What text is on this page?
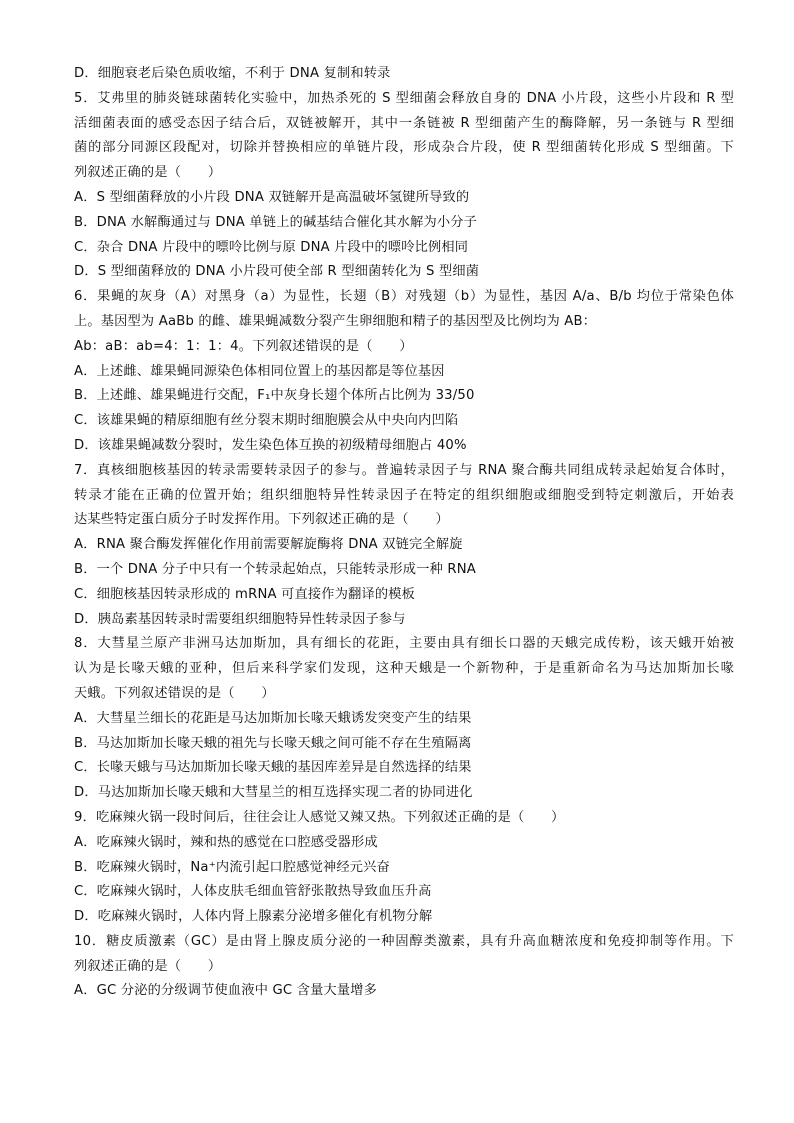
D．细胞衰老后染色质收缩，不利于 DNA 复制和转录
5．艾弗里的肺炎链球菌转化实验中，加热杀死的 S 型细菌会释放自身的 DNA 小片段，这些小片段和 R 型
活细菌表面的感受态因子结合后，双链被解开，其中一条链被 R 型细菌产生的酶降解，另一条链与 R 型细
菌的部分同源区段配对，切除并替换相应的单链片段，形成杂合片段，使 R 型细菌转化形成 S 型细菌。下
列叙述正确的是（　　）
A．S 型细菌释放的小片段 DNA 双链解开是高温破坏氢键所导致的
B．DNA 水解酶通过与 DNA 单链上的碱基结合催化其水解为小分子
C．杂合 DNA 片段中的嘌呤比例与原 DNA 片段中的嘌呤比例相同
D．S 型细菌释放的 DNA 小片段可使全部 R 型细菌转化为 S 型细菌
6．果蝇的灰身（A）对黑身（a）为显性，长翅（B）对残翅（b）为显性，基因 A/a、B/b 均位于常染色体
上。基因型为 AaBb 的雌、雄果蝇减数分裂产生卵细胞和精子的基因型及比例均为 AB：
Ab：aB：ab=4：1：1：4。下列叙述错误的是（　　）
A．上述雌、雄果蝇同源染色体相同位置上的基因都是等位基因
B．上述雌、雄果蝇进行交配，F₁中灰身长翅个体所占比例为 33/50
C．该雄果蝇的精原细胞有丝分裂末期时细胞膜会从中央向内凹陷
D．该雄果蝇减数分裂时，发生染色体互换的初级精母细胞占 40%
7．真核细胞核基因的转录需要转录因子的参与。普遍转录因子与 RNA 聚合酶共同组成转录起始复合体时，
转录才能在正确的位置开始；组织细胞特异性转录因子在特定的组织细胞或细胞受到特定刺激后，开始表
达某些特定蛋白质分子时发挥作用。下列叙述正确的是（　　）
A．RNA 聚合酶发挥催化作用前需要解旋酶将 DNA 双链完全解旋
B．一个 DNA 分子中只有一个转录起始点，只能转录形成一种 RNA
C．细胞核基因转录形成的 mRNA 可直接作为翻译的模板
D．胰岛素基因转录时需要组织细胞特异性转录因子参与
8．大彗星兰原产非洲马达加斯加，具有细长的花距，主要由具有细长口器的天蛾完成传粉，该天蛾开始被
认为是长喙天蛾的亚种，但后来科学家们发现，这种天蛾是一个新物种，于是重新命名为马达加斯加长喙
天蛾。下列叙述错误的是（　　）
A．大彗星兰细长的花距是马达加斯加长喙天蛾诱发突变产生的结果
B．马达加斯加长喙天蛾的祖先与长喙天蛾之间可能不存在生殖隔离
C．长喙天蛾与马达加斯加长喙天蛾的基因库差异是自然选择的结果
D．马达加斯加长喙天蛾和大彗星兰的相互选择实现二者的协同进化
9．吃麻辣火锅一段时间后，往往会让人感觉又辣又热。下列叙述正确的是（　　）
A．吃麻辣火锅时，辣和热的感觉在口腔感受器形成
B．吃麻辣火锅时，Na⁺内流引起口腔感觉神经元兴奋
C．吃麻辣火锅时，人体皮肤毛细血管舒张散热导致血压升高
D．吃麻辣火锅时，人体内肾上腺素分泌增多催化有机物分解
10．糖皮质激素（GC）是由肾上腺皮质分泌的一种固醇类激素，具有升高血糖浓度和免疫抑制等作用。下
列叙述正确的是（　　）
A．GC 分泌的分级调节使血液中 GC 含量大量增多
